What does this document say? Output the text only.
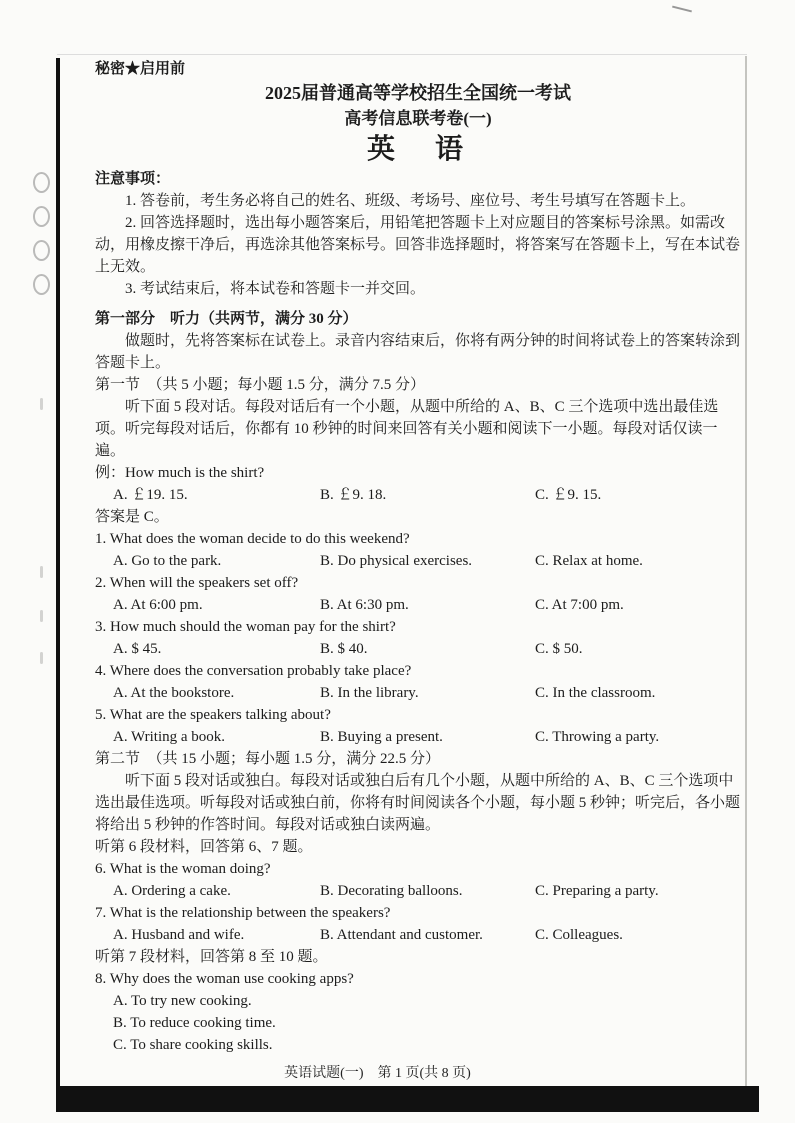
秘密★启用前

2025届普通高等学校招生全国统一考试

高考信息联考卷(一)

英　语

注意事项：

1. 答卷前，考生务必将自己的姓名、班级、考场号、座位号、考生号填写在答题卡上。

2. 回答选择题时，选出每小题答案后，用铅笔把答题卡上对应题目的答案标号涂黑。如需改动，用橡皮擦干净后，再选涂其他答案标号。回答非选择题时，将答案写在答题卡上，写在本试卷上无效。

3. 考试结束后，将本试卷和答题卡一并交回。

第一部分　听力（共两节，满分 30 分）

做题时，先将答案标在试卷上。录音内容结束后，你将有两分钟的时间将试卷上的答案转涂到答题卡上。

第一节　（共 5 小题；每小题 1.5 分，满分 7.5 分）

听下面 5 段对话。每段对话后有一个小题，从题中所给的 A、B、C 三个选项中选出最佳选项。听完每段对话后，你都有 10 秒钟的时间来回答有关小题和阅读下一小题。每段对话仅读一遍。

例：How much is the shirt?

A. ￡19. 15.	B. ￡9. 18.	C. ￡9. 15.

答案是 C。

1. What does the woman decide to do this weekend?

A. Go to the park.	B. Do physical exercises.	C. Relax at home.

2. When will the speakers set off?

A. At 6:00 pm.	B. At 6:30 pm.	C. At 7:00 pm.

3. How much should the woman pay for the shirt?

A. $ 45.	B. $ 40.	C. $ 50.

4. Where does the conversation probably take place?

A. At the bookstore.	B. In the library.	C. In the classroom.

5. What are the speakers talking about?

A. Writing a book.	B. Buying a present.	C. Throwing a party.

第二节　（共 15 小题；每小题 1.5 分，满分 22.5 分）

听下面 5 段对话或独白。每段对话或独白后有几个小题，从题中所给的 A、B、C 三个选项中选出最佳选项。听每段对话或独白前，你将有时间阅读各个小题，每小题 5 秒钟；听完后，各小题将给出 5 秒钟的作答时间。每段对话或独白读两遍。

听第 6 段材料，回答第 6、7 题。

6. What is the woman doing?

A. Ordering a cake.	B. Decorating balloons.	C. Preparing a party.

7. What is the relationship between the speakers?

A. Husband and wife.	B. Attendant and customer.	C. Colleagues.

听第 7 段材料，回答第 8 至 10 题。

8. Why does the woman use cooking apps?

A. To try new cooking.

B. To reduce cooking time.

C. To share cooking skills.

英语试题(一)　第 1 页(共 8 页)
